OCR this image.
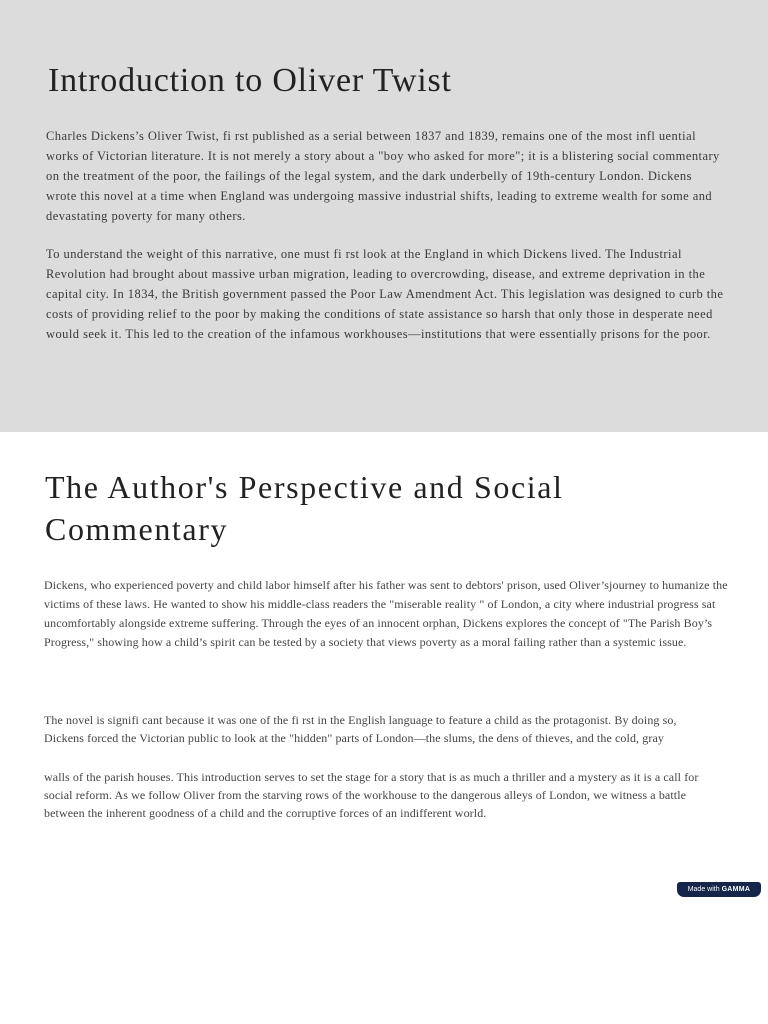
Introduction to Oliver Twist

Charles Dickens’s Oliver Twist, fi rst published as a serial between 1837 and 1839, remains one of the most infl uential works of Victorian literature. It is not merely a story about a "boy who asked for more"; it is a blistering social commentary on the treatment of the poor, the failings of the legal system, and the dark underbelly of 19th-century London. Dickens wrote this novel at a time when England was undergoing massive industrial shifts, leading to extreme wealth for some and devastating poverty for many others.

To understand the weight of this narrative, one must fi rst look at the England in which Dickens lived. The Industrial Revolution had brought about massive urban migration, leading to overcrowding, disease, and extreme deprivation in the capital city. In 1834, the British government passed the Poor Law Amendment Act. This legislation was designed to curb the costs of providing relief to the poor by making the conditions of state assistance so harsh that only those in desperate need would seek it. This led to the creation of the infamous workhouses—institutions that were essentially prisons for the poor.

The Author's Perspective and Social Commentary

Dickens, who experienced poverty and child labor himself after his father was sent to debtors' prison, used Oliver’sjourney to humanize the victims of these laws. He wanted to show his middle-class readers the "miserable reality " of London, a city where industrial progress sat uncomfortably alongside extreme suffering. Through the eyes of an innocent orphan, Dickens explores the concept of "The Parish Boy’s Progress," showing how a child’s spirit can be tested by a society that views poverty as a moral failing rather than a systemic issue.

The novel is signifi cant because it was one of the fi rst in the English language to feature a child as the protagonist. By doing so, Dickens forced the Victorian public to look at the "hidden" parts of London—the slums, the dens of thieves, and the cold, gray

walls of the parish houses. This introduction serves to set the stage for a story that is as much a thriller and a mystery as it is a call for social reform. As we follow Oliver from the starving rows of the workhouse to the dangerous alleys of London, we witness a battle between the inherent goodness of a child and the corruptive forces of an indifferent world.

Made with GAMMA
